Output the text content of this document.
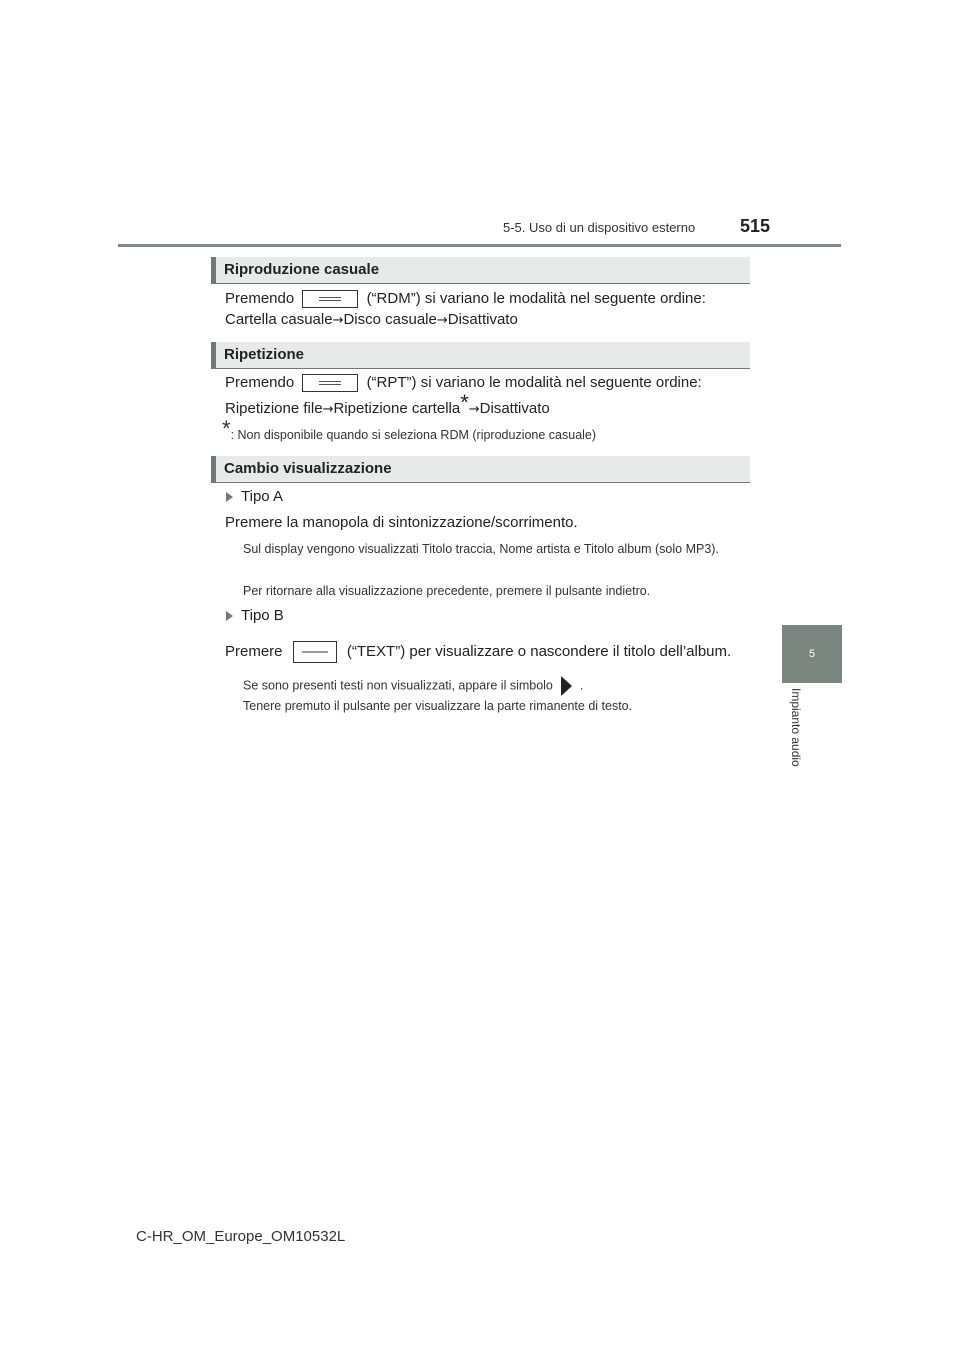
5-5. Uso di un dispositivo esterno 515
5
Impianto audio
Riproduzione casuale
Premendo	(“RDM”) si variano le modalità nel seguente ordine:
Cartella casuale→Disco casuale→Disattivato
Ripetizione
Premendo	(“RPT”) si variano le modalità nel seguente ordine:
Ripetizione file→Ripetizione cartella*→Disattivato
*: Non disponibile quando si seleziona RDM (riproduzione casuale)
Cambio visualizzazione
Tipo A
Premere la manopola di sintonizzazione/scorrimento.
Sul display vengono visualizzati Titolo traccia, Nome artista e Titolo album (solo MP3).
Per ritornare alla visualizzazione precedente, premere il pulsante indietro.
Tipo B
Premere	(“TEXT”) per visualizzare o nascondere il titolo dell’album.
Se sono presenti testi non visualizzati, appare il simbolo .
Tenere premuto il pulsante per visualizzare la parte rimanente di testo.
C-HR_OM_Europe_OM10532L
